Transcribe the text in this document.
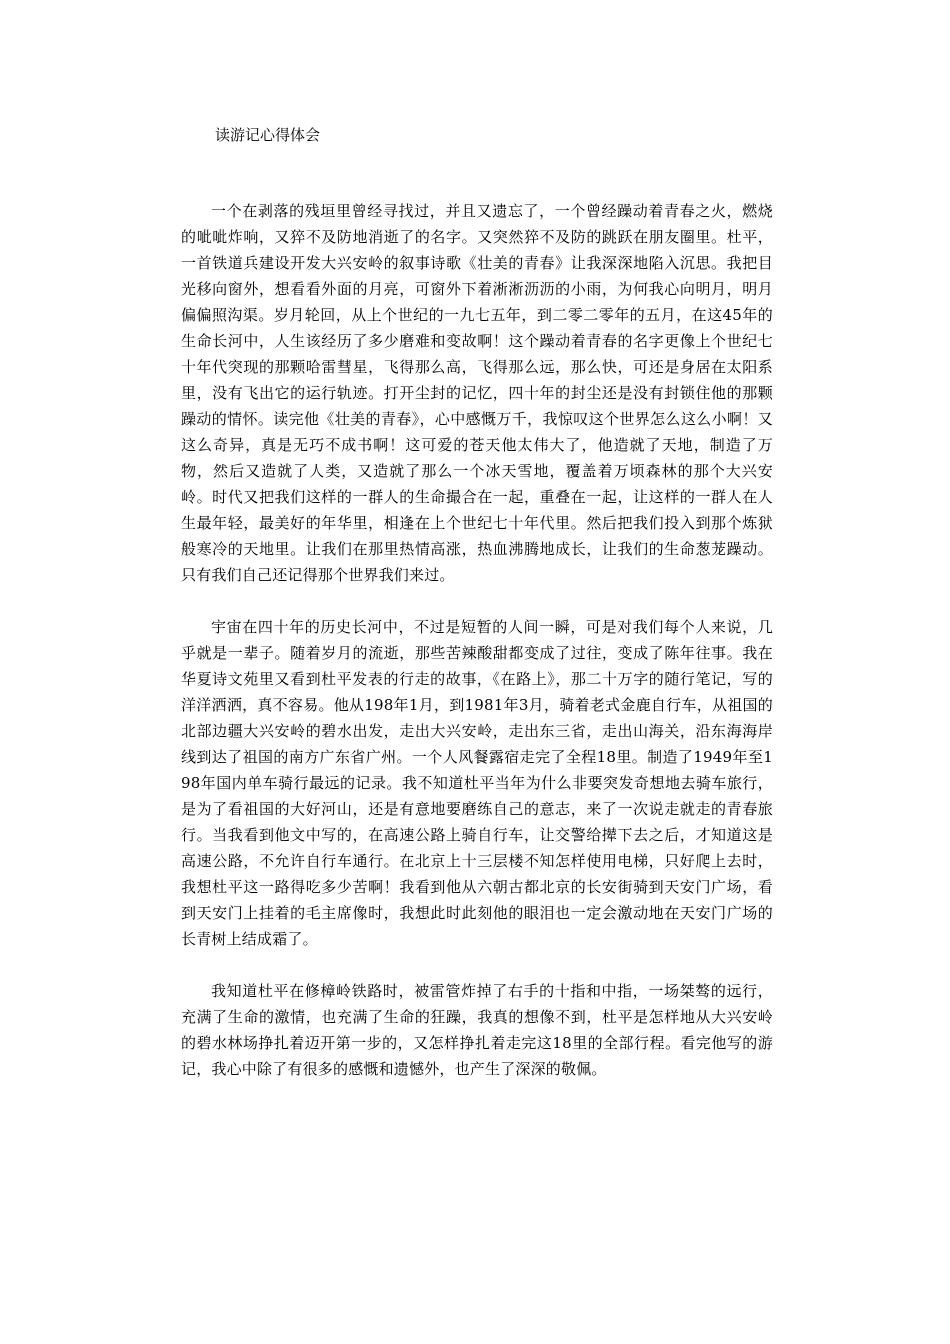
读游记心得体会

一个在剥落的残垣里曾经寻找过，并且又遗忘了，一个曾经躁动着青春之火，燃烧的呲呲炸响，又猝不及防地消逝了的名字。又突然猝不及防的跳跃在朋友圈里。杜平，一首铁道兵建设开发大兴安岭的叙事诗歌《壮美的青春》让我深深地陷入沉思。我把目光移向窗外，想看看外面的月亮，可窗外下着淅淅沥沥的小雨，为何我心向明月，明月偏偏照沟渠。岁月轮回，从上个世纪的一九七五年，到二零二零年的五月，在这45年的生命长河中，人生该经历了多少磨难和变故啊！这个躁动着青春的名字更像上个世纪七十年代突现的那颗哈雷彗星，飞得那么高，飞得那么远，那么快，可还是身居在太阳系里，没有飞出它的运行轨迹。打开尘封的记忆，四十年的封尘还是没有封锁住他的那颗躁动的情怀。读完他《壮美的青春》，心中感慨万千，我惊叹这个世界怎么这么小啊！又这么奇异，真是无巧不成书啊！这可爱的苍天他太伟大了，他造就了天地，制造了万物，然后又造就了人类，又造就了那么一个冰天雪地，覆盖着万顷森林的那个大兴安岭。时代又把我们这样的一群人的生命撮合在一起，重叠在一起，让这样的一群人在人生最年轻，最美好的年华里，相逢在上个世纪七十年代里。然后把我们投入到那个炼狱般寒冷的天地里。让我们在那里热情高涨，热血沸腾地成长，让我们的生命葱茏躁动。只有我们自己还记得那个世界我们来过。

宇宙在四十年的历史长河中，不过是短暂的人间一瞬，可是对我们每个人来说，几乎就是一辈子。随着岁月的流逝，那些苦辣酸甜都变成了过往，变成了陈年往事。我在华夏诗文苑里又看到杜平发表的行走的故事，《在路上》，那二十万字的随行笔记，写的洋洋洒洒，真不容易。他从198年1月，到1981年3月，骑着老式金鹿自行车，从祖国的北部边疆大兴安岭的碧水出发，走出大兴安岭，走出东三省，走出山海关，沿东海海岸线到达了祖国的南方广东省广州。一个人风餐露宿走完了全程18里。制造了1949年至198年国内单车骑行最远的记录。我不知道杜平当年为什么非要突发奇想地去骑车旅行，是为了看祖国的大好河山，还是有意地要磨练自己的意志，来了一次说走就走的青春旅行。当我看到他文中写的，在高速公路上骑自行车，让交警给撵下去之后，才知道这是高速公路，不允许自行车通行。在北京上十三层楼不知怎样使用电梯，只好爬上去时，我想杜平这一路得吃多少苦啊！我看到他从六朝古都北京的长安街骑到天安门广场，看到天安门上挂着的毛主席像时，我想此时此刻他的眼泪也一定会激动地在天安门广场的长青树上结成霜了。

我知道杜平在修樟岭铁路时，被雷管炸掉了右手的十指和中指，一场桀骜的远行，充满了生命的激情，也充满了生命的狂躁，我真的想像不到，杜平是怎样地从大兴安岭的碧水林场挣扎着迈开第一步的，又怎样挣扎着走完这18里的全部行程。看完他写的游记，我心中除了有很多的感慨和遗憾外，也产生了深深的敬佩。
